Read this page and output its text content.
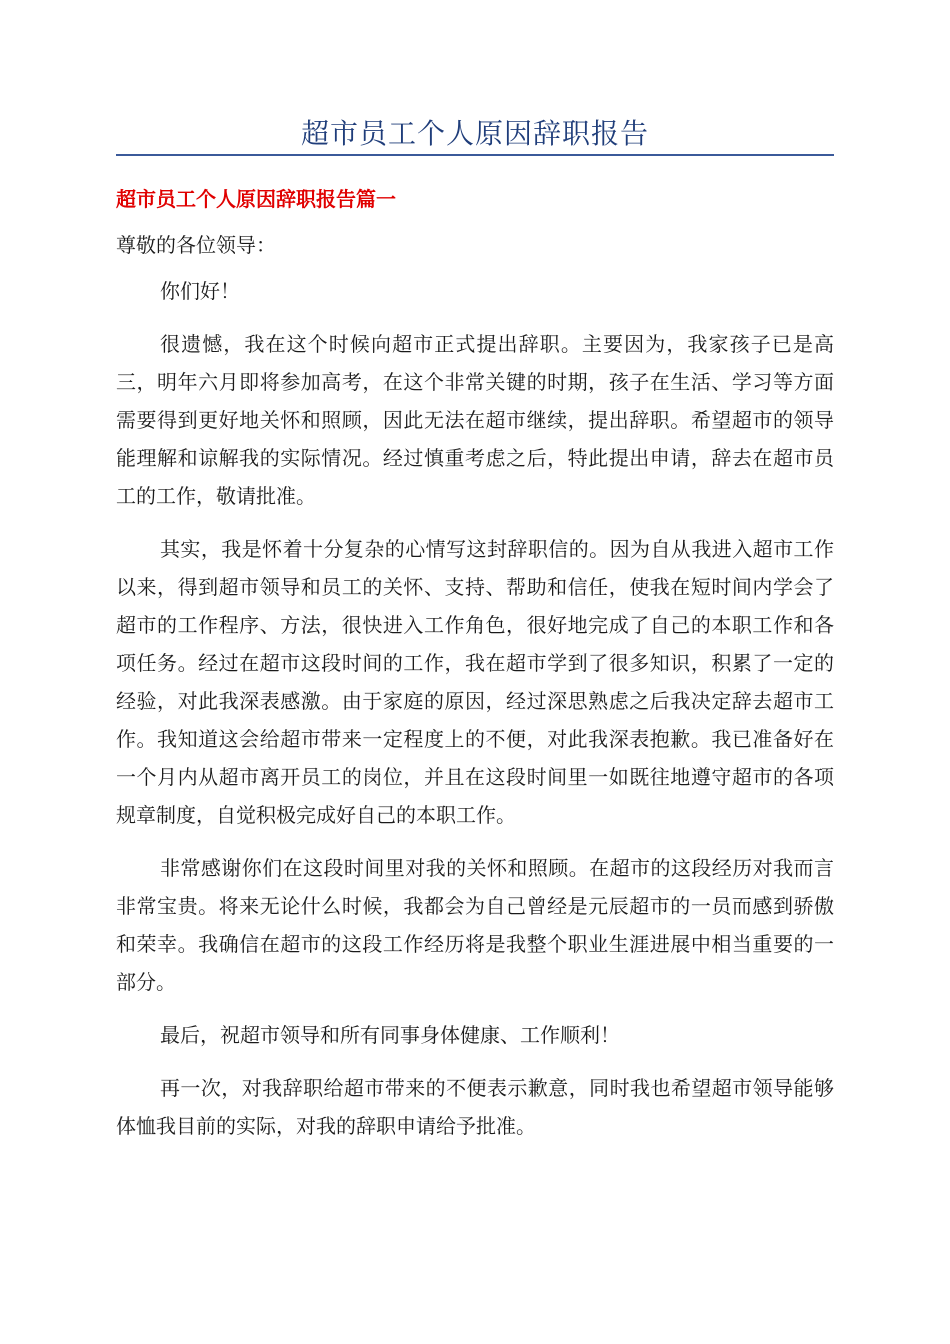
超市员工个人原因辞职报告
超市员工个人原因辞职报告篇一

尊敬的各位领导：

你们好！

很遗憾，我在这个时候向超市正式提出辞职。主要因为，我家孩子已是高三，明年六月即将参加高考，在这个非常关键的时期，孩子在生活、学习等方面需要得到更好地关怀和照顾，因此无法在超市继续，提出辞职。希望超市的领导能理解和谅解我的实际情况。经过慎重考虑之后，特此提出申请，辞去在超市员工的工作，敬请批准。

其实，我是怀着十分复杂的心情写这封辞职信的。因为自从我进入超市工作以来，得到超市领导和员工的关怀、支持、帮助和信任，使我在短时间内学会了超市的工作程序、方法，很快进入工作角色，很好地完成了自己的本职工作和各项任务。经过在超市这段时间的工作，我在超市学到了很多知识，积累了一定的经验，对此我深表感激。由于家庭的原因，经过深思熟虑之后我决定辞去超市工作。我知道这会给超市带来一定程度上的不便，对此我深表抱歉。我已准备好在一个月内从超市离开员工的岗位，并且在这段时间里一如既往地遵守超市的各项规章制度，自觉积极完成好自己的本职工作。

非常感谢你们在这段时间里对我的关怀和照顾。在超市的这段经历对我而言非常宝贵。将来无论什么时候，我都会为自己曾经是元辰超市的一员而感到骄傲和荣幸。我确信在超市的这段工作经历将是我整个职业生涯进展中相当重要的一部分。

最后，祝超市领导和所有同事身体健康、工作顺利！

再一次，对我辞职给超市带来的不便表示歉意，同时我也希望超市领导能够体恤我目前的实际，对我的辞职申请给予批准。
